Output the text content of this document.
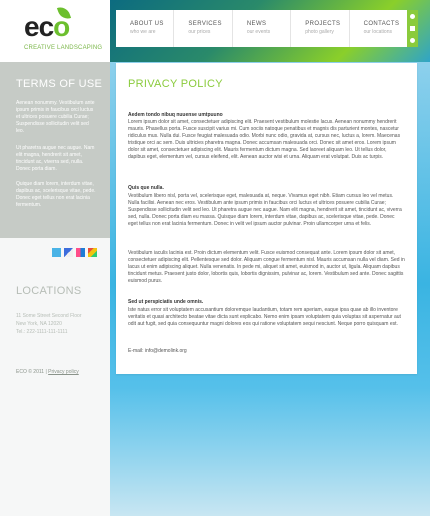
eco
CREATIVE LANDSCAPING
TERMS OF USE

Aenean nonummy. Vestibulum ante ipsum primis in faucibus orci luctus et ultrices posuere cubilia Curae; Suspendisse sollicitudin velit sed leo.

Ut pharetra augue nec augue. Nam elit magna, hendrerit sit amet, tincidunt ac, viverra sed, nulla. Donec porta diam.

Quique diam lorem, interdum vitae, dapibus ac, scelerisque vitae, pede. Donec eget tellus non erat lacinia fermentum.

LOCATIONS
11 Some Street Second Floor
New York, NA 12020
Tel.: 222-1111-111-1111
ECO © 2011 | Privacy policy
ABOUT US
who we are
SERVICES
our prices
NEWS
our events
PROJECTS
photo gallery
CONTACTS
our locations
PRIVACY POLICY
Aedem tondo nibuq nuuense umtpuuno

Lorem ipsum dolor sit amet, consectetuer adipiscing elit. Praesent vestibulum molestie lacus. Aenean nonummy hendrerit mauris. Phasellus porta. Fusce suscipit varius mi. Cum sociis natoque penatibus et magnis dis parturient montes, nascetur ridiculus mus. Nulla dui. Fusce feugiat malesuada odio. Morbi nunc odio, gravida at, cursus nec, luctus a, lorem. Maecenas tristique orci ac sem. Duis ultricies pharetra magna. Donec accumsan malesuada orci. Donec sit amet eros. Lorem ipsum dolor sit amet, consectetuer adipiscing elit. Mauris fermentum dictum magna. Sed laoreet aliquam leo. Ut tellus dolor, dapibus eget, elementum vel, cursus eleifend, elit. Aenean auctor wisi et urna. Aliquam erat volutpat. Duis ac turpis.

Quis que nulla.

Vestibulum libero nisl, porta vel, scelerisque eget, malesuada at, neque. Vivamus eget nibh. Etiam cursus leo vel metus. Nulla facilisi. Aenean nec eros. Vestibulum ante ipsum primis in faucibus orci luctus et ultrices posuere cubilia Curae; Suspendisse sollicitudin velit sed leo. Ut pharetra augue nec augue. Nam elit magna, hendrerit sit amet, tincidunt ac, viverra sed, nulla. Donec porta diam eu massa. Quisque diam lorem, interdum vitae, dapibus ac, scelerisque vitae, pede. Donec eget tellus non erat lacinia fermentum. Donec in velit vel ipsum auctor pulvinar. Proin ullamcorper urna et felis.

Vestibulum iaculis lacinia est. Proin dictum elementum velit. Fusce euismod consequat ante. Lorem ipsum dolor sit amet, consectetuer adipiscing elit. Pellentesque sed dolor. Aliquam congue fermentum nisl. Mauris accumsan nulla vel diam. Sed in lacus ut enim adipiscing aliquet. Nulla venenatis. In pede mi, aliquet sit amet, euismod in, auctor ut, ligula. Aliquam dapibus tincidunt metus. Praesent justo dolor, lobortis quis, lobortis dignissim, pulvinar ac, lorem. Vestibulum sed ante. Donec sagittis euismod purus.

Sed ut perspiciatis unde omnis.

Iste natus error sit voluptatem accusantium doloremque laudantium, totam rem aperiam, eaque ipsa quae ab illo inventore veritatis et quasi architecto beatae vitae dicta sunt explicabo. Nemo enim ipsam voluptatem quia voluptas sit aspernatur aut odit aut fugit, sed quia consequuntur magni dolores eos qui ratione voluptatem sequi nesciunt. Neque porro quisquam est.

E-mail: info@demolink.org
